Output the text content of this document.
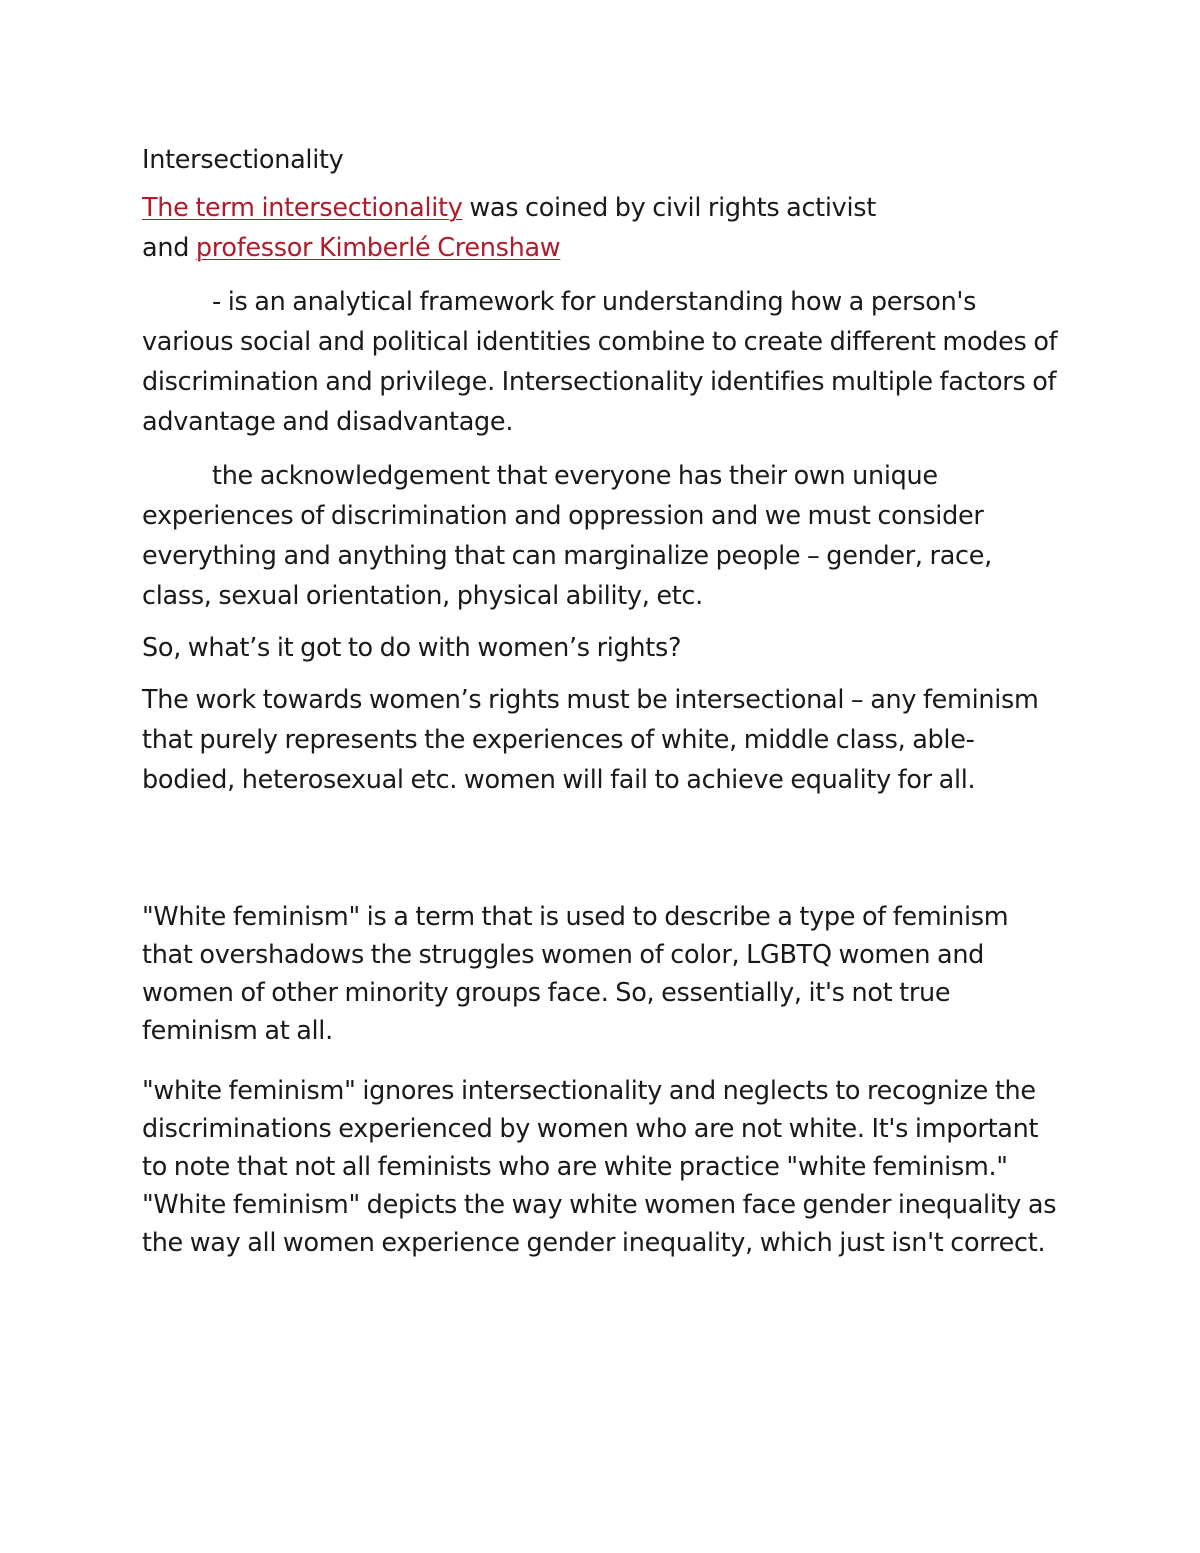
Intersectionality

The term intersectionality was coined by civil rights activist
and professor Kimberlé Crenshaw

- is an analytical framework for understanding how a person's various social and political identities combine to create different modes of discrimination and privilege. Intersectionality identifies multiple factors of advantage and disadvantage.

the acknowledgement that everyone has their own unique experiences of discrimination and oppression and we must consider everything and anything that can marginalize people – gender, race, class, sexual orientation, physical ability, etc.

So, what’s it got to do with women’s rights?

The work towards women’s rights must be intersectional – any feminism that purely represents the experiences of white, middle class, able-bodied, heterosexual etc. women will fail to achieve equality for all.

"White feminism" is a term that is used to describe a type of feminism that overshadows the struggles women of color, LGBTQ women and women of other minority groups face. So, essentially, it's not true feminism at all.

"white feminism" ignores intersectionality and neglects to recognize the discriminations experienced by women who are not white. It's important to note that not all feminists who are white practice "white feminism." "White feminism" depicts the way white women face gender inequality as the way all women experience gender inequality, which just isn't correct.
